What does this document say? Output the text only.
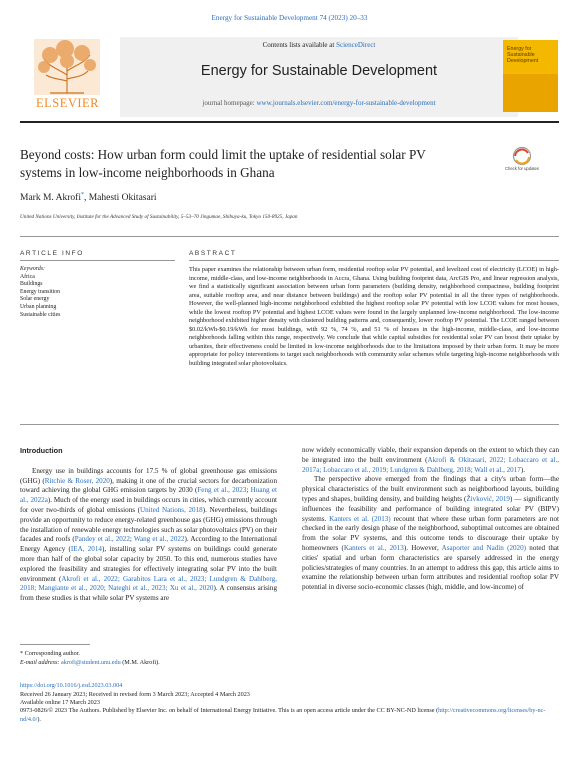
Energy for Sustainable Development 74 (2023) 20–33
ELSEVIER
Contents lists available at ScienceDirect
Energy for Sustainable Development
journal homepage: www.journals.elsevier.com/energy-for-sustainable-development
Energy for Sustainable Development
Beyond costs: How urban form could limit the uptake of residential solar PV systems in low-income neighborhoods in Ghana	Check for updates
Mark M. Akrofi*, Mahesti Okitasari
United Nations University, Institute for the Advanced Study of Sustainability, 5–53–70 Jingumae, Shibuya-ku, Tokyo 150-8925, Japan
ARTICLE INFO	ABSTRACT
Keywords:
Africa
Buildings
Energy transition
Solar energy
Urban planning
Sustainable cities
This paper examines the relationship between urban form, residential rooftop solar PV potential, and levelized cost of electricity (LCOE) in high-income, middle-class, and low-income neighborhoods in Accra, Ghana. Using building footprint data, ArcGIS Pro, and linear regression analysis, we find a statistically significant association between urban form parameters (building density, neighborhood compactness, building footprint area, suitable rooftop area, and near distance between buildings) and the rooftop solar PV potential in all the three types of neighborhoods. However, the well-planned high-income neighborhood exhibited the highest rooftop solar PV potential with low LCOE values for most houses, while the lowest rooftop PV potential and highest LCOE values were found in the largely unplanned low-income neighborhood. The low-income neighborhood exhibited higher density with clustered building patterns and, consequently, lower rooftop PV potential. The LCOE ranged between $0.02/kWh-$0.19/kWh for most buildings, with 92 %, 74 %, and 51 % of houses in the high-income, middle-class, and low-income neighborhoods falling within this range, respectively. We conclude that while capital subsidies for residential solar PV can boost their uptake by urbanites, their effectiveness could be limited in low-income neighborhoods due to the limitations imposed by their urban form. It may be more appropriate for policy interventions to target such neighborhoods with community solar schemes while targeting high-income neighborhoods with building integrated solar photovoltaics.
Introduction

Energy use in buildings accounts for 17.5 % of global greenhouse gas emissions (GHG) (Ritchie & Roser, 2020), making it one of the crucial sectors for decarbonization toward achieving the global GHG emission targets by 2030 (Feng et al., 2023; Huang et al., 2022a). Much of the energy used in buildings occurs in cities, which currently account for over two-thirds of global emissions (United Nations, 2018). Nevertheless, buildings provide an opportunity to reduce energy-related greenhouse gas (GHG) emissions through the installation of renewable energy technologies such as solar photovoltaics (PV) on their facades and roofs (Pandey et al., 2022; Wang et al., 2022). According to the International Energy Agency (IEA, 2014), installing solar PV systems on buildings could generate more than half of the global solar capacity by 2050. To this end, numerous studies have explored the feasibility and strategies for effectively integrating solar PV into the built environment (Akrofi et al., 2022; Garabitos Lara et al., 2023; Lundgren & Dahlberg, 2018; Mangiante et al., 2020; Nateghi et al., 2023; Xu et al., 2020). A consensus arising from these studies is that while solar PV systems are

now widely economically viable, their expansion depends on the extent to which they can be integrated into the built environment (Akrofi & Okitasari, 2022; Lobaccaro et al., 2017a; Lobaccaro et al., 2019; Lundgren & Dahlberg, 2018; Wall et al., 2017).

The perspective above emerged from the findings that a city's urban form—the physical characteristics of the built environment such as neighborhood layouts, building types and shapes, building density, and building heights (Živković, 2019) — significantly influences the feasibility and performance of building integrated solar PV (BIPV) systems. Kanters et al. (2013) recount that where these urban form parameters are not checked in the early design phase of the neighborhood, suboptimal outcomes are obtained from the solar PV systems, and this outcome tends to discourage their uptake by homeowners (Kanters et al., 2013). However, Asaporter and Nadin (2020) noted that cities' spatial and urban form characteristics are sparsely addressed in the energy policies/strategies of many countries. In an attempt to address this gap, this article aims to examine the relationship between urban form attributes and residential rooftop solar PV potential in diverse socio-economic classes (high, middle, and low-income) of

* Corresponding author.
E-mail address: akrofi@student.unu.edu (M.M. Akrofi).
https://doi.org/10.1016/j.esd.2023.03.004
Received 26 January 2023; Received in revised form 3 March 2023; Accepted 4 March 2023
Available online 17 March 2023
0973-0826/© 2023 The Authors. Published by Elsevier Inc. on behalf of International Energy Initiative. This is an open access article under the CC BY-NC-ND license (http://creativecommons.org/licenses/by-nc-nd/4.0/).
